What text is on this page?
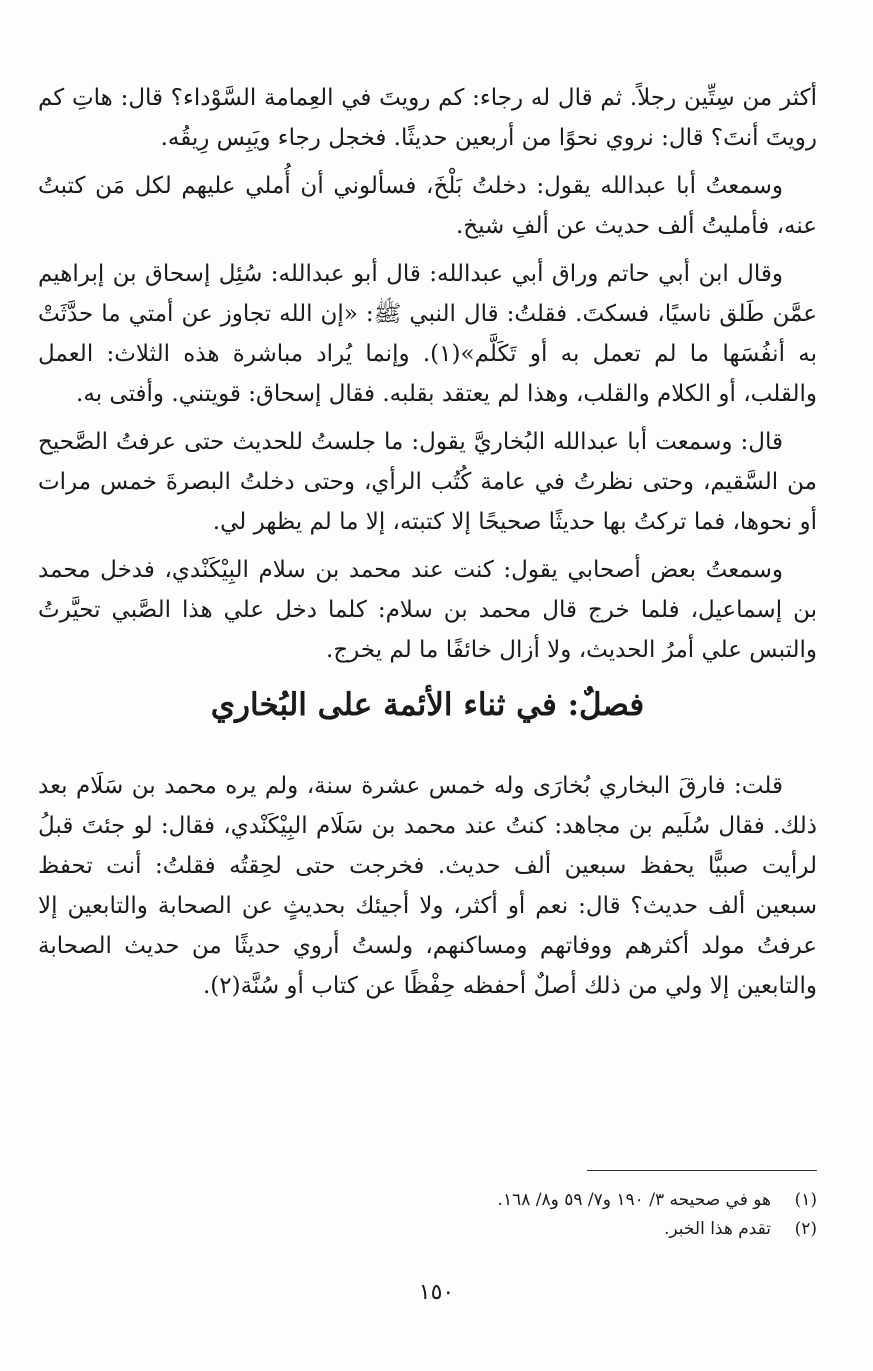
أكثر من سِتِّين رجلاً. ثم قال له رجاء: كم رويتَ في العِمامة السَّوْداء؟ قال: هاتِ كم رويتَ أنتَ؟ قال: نروي نحوًا من أربعين حديثًا. فخجل رجاء ويَبِس رِيقُه.

وسمعتُ أبا عبدالله يقول: دخلتُ بَلْخَ، فسألوني أن أُملي عليهم لكل مَن كتبتُ عنه، فأمليتُ ألف حديث عن ألفِ شيخ.

وقال ابن أبي حاتم وراق أبي عبدالله: قال أبو عبدالله: سُئِل إسحاق بن إبراهيم عمَّن طَلق ناسيًا، فسكتَ. فقلتُ: قال النبي ﷺ: «إن الله تجاوز عن أمتي ما حدَّثَتْ به أنفُسَها ما لم تعمل به أو تَكَلَّم»(١). وإنما يُراد مباشرة هذه الثلاث: العمل والقلب، أو الكلام والقلب، وهذا لم يعتقد بقلبه. فقال إسحاق: قويتني. وأفتى به.

قال: وسمعت أبا عبدالله البُخاريَّ يقول: ما جلستُ للحديث حتى عرفتُ الصَّحيح من السَّقيم، وحتى نظرتُ في عامة كُتُب الرأي، وحتى دخلتُ البصرةَ خمس مرات أو نحوها، فما تركتُ بها حديثًا صحيحًا إلا كتبته، إلا ما لم يظهر لي.

وسمعتُ بعض أصحابي يقول: كنت عند محمد بن سلام البِيْكَنْدي، فدخل محمد بن إسماعيل، فلما خرج قال محمد بن سلام: كلما دخل علي هذا الصَّبي تحيَّرتُ والتبس علي أمرُ الحديث، ولا أزال خائفًا ما لم يخرج.

فصلٌ: في ثناء الأئمة على البُخاري

قلت: فارقَ البخاري بُخارَى وله خمس عشرة سنة، ولم يره محمد بن سَلَام بعد ذلك. فقال سُلَيم بن مجاهد: كنتُ عند محمد بن سَلَام البِيْكَنْدي، فقال: لو جئتَ قبلُ لرأيت صبيًّا يحفظ سبعين ألف حديث. فخرجت حتى لحِقتُه فقلتُ: أنت تحفظ سبعين ألف حديث؟ قال: نعم أو أكثر، ولا أجيئك بحديثٍ عن الصحابة والتابعين إلا عرفتُ مولد أكثرهم ووفاتهم ومساكنهم، ولستُ أروي حديثًا من حديث الصحابة والتابعين إلا ولي من ذلك أصلٌ أحفظه حِفْظًا عن كتاب أو سُنَّة(٢).

(١)
هو في صحيحه ٣/ ١٩٠ و٧/ ٥٩ و٨/ ١٦٨.
(٢)
تقدم هذا الخبر.
١٥٠
